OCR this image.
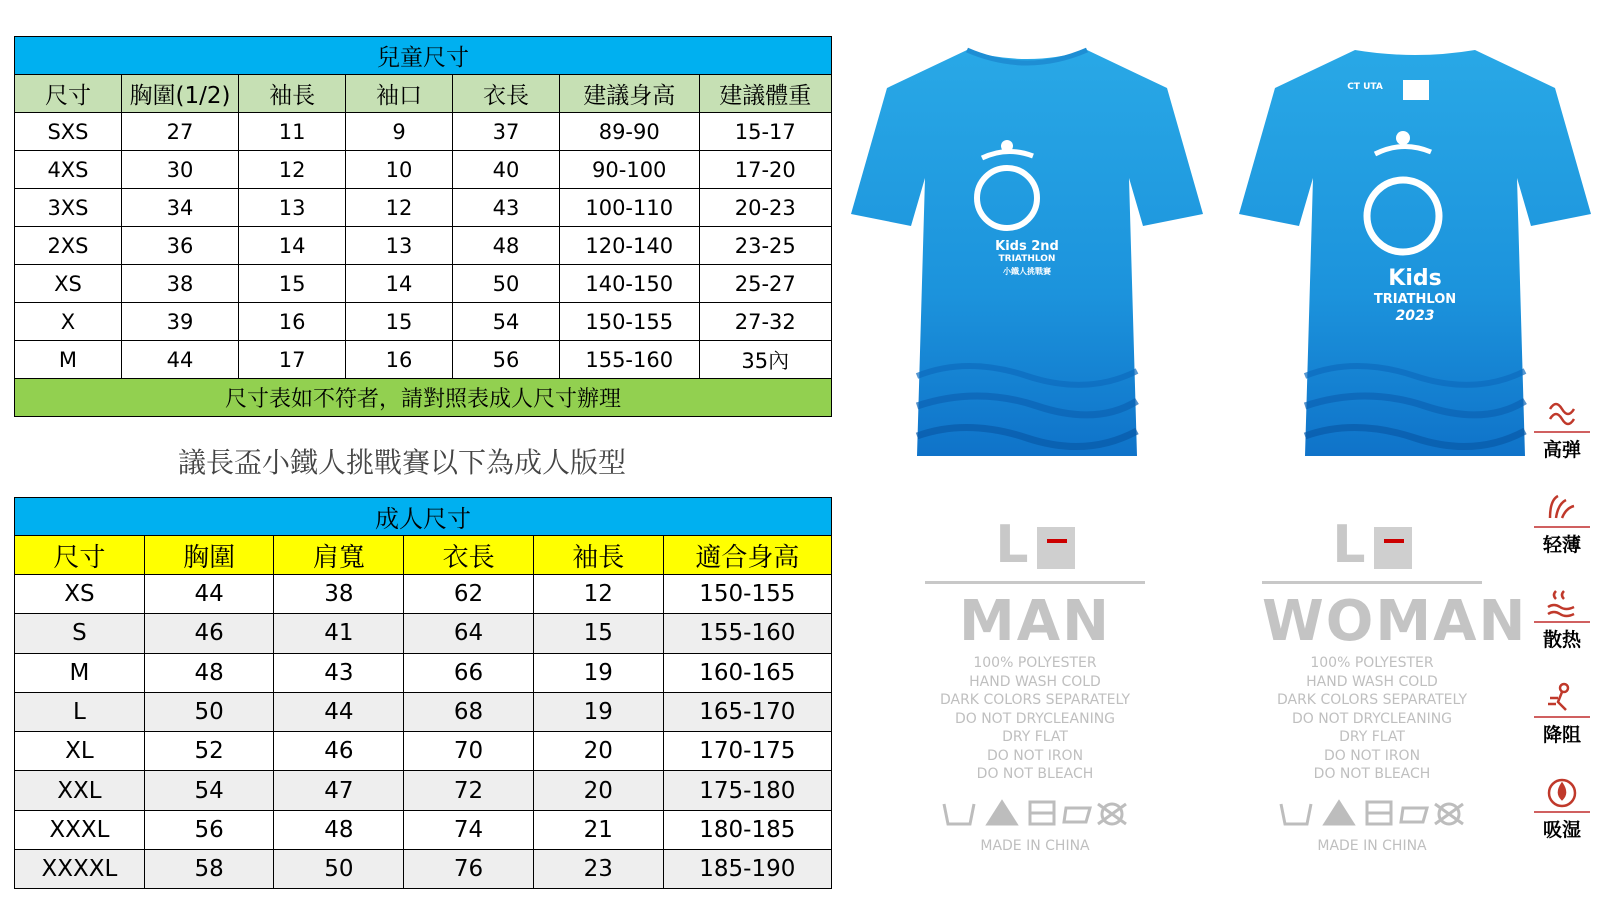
兒童尺寸						
尺寸	胸圍(1/2)	袖長	袖口	衣長	建議身高	建議體重
SXS	27	11	9	37	89-90	15-17
4XS	30	12	10	40	90-100	17-20
3XS	34	13	12	43	100-110	20-23
2XS	36	14	13	48	120-140	23-25
XS	38	15	14	50	140-150	25-27
X	39	16	15	54	150-155	27-32
M	44	17	16	56	155-160	35內
尺寸表如不符者，請對照表成人尺寸辦理						
議長盃小鐵人挑戰賽以下為成人版型
成人尺寸					
尺寸	胸圍	肩寬	衣長	袖長	適合身高
XS	44	38	62	12	150-155
S	46	41	64	15	155-160
M	48	43	66	19	160-165
L	50	44	68	19	165-170
XL	52	46	70	20	170-175
XXL	54	47	72	20	175-180
XXXL	56	48	74	21	180-185
XXXXL	58	50	76	23	185-190
Kids 2nd
TRIATHLON
小鐵人挑戰賽
CT UTA
Kids
TRIATHLON
2023
L
MAN
100% POLYESTER
HAND WASH COLD
DARK COLORS SEPARATELY
DO NOT DRYCLEANING
DRY FLAT
DO NOT IRON
DO NOT BLEACH
MADE IN CHINA
L
WOMAN
100% POLYESTER
HAND WASH COLD
DARK COLORS SEPARATELY
DO NOT DRYCLEANING
DRY FLAT
DO NOT IRON
DO NOT BLEACH
MADE IN CHINA
高弹
轻薄
散热
降阻
吸湿
